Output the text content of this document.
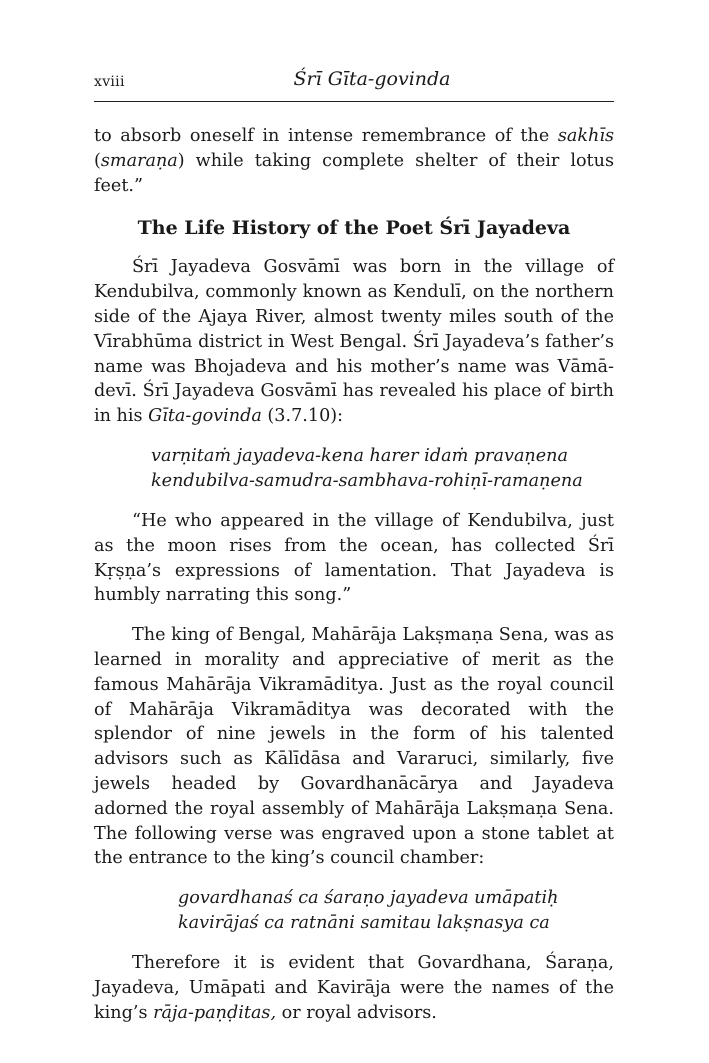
xviii	Śrī Gīta-govinda

to absorb oneself in intense remembrance of the sakhīs (smaraṇa) while taking complete shelter of their lotus feet.”

The Life History of the Poet Śrī Jayadeva

Śrī Jayadeva Gosvāmī was born in the village of Kendubilva, commonly known as Kendulī, on the northern side of the Ajaya River, almost twenty miles south of the Vīrabhūma district in West Bengal. Śrī Jayadeva’s father’s name was Bhojadeva and his mother’s name was Vāmā-devī. Śrī Jayadeva Gosvāmī has revealed his place of birth in his Gīta-govinda (3.7.10):

varṇitaṁ jayadeva-kena harer idaṁ pravaṇena
kendubilva-samudra-sambhava-rohiṇī-ramaṇena

“He who appeared in the village of Kendubilva, just as the moon rises from the ocean, has collected Śrī Kṛṣṇa’s expressions of lamentation. That Jayadeva is humbly narrating this song.”

The king of Bengal, Mahārāja Lakṣmaṇa Sena, was as learned in morality and appreciative of merit as the famous Mahārāja Vikramāditya. Just as the royal council of Mahārāja Vikramāditya was decorated with the splendor of nine jewels in the form of his talented advisors such as Kālīdāsa and Vararuci, similarly, five jewels headed by Govardhanācārya and Jayadeva adorned the royal assembly of Mahārāja Lakṣmaṇa Sena. The following verse was engraved upon a stone tablet at the entrance to the king’s council chamber:

govardhanaś ca śaraṇo jayadeva umāpatiḥ
kavirājaś ca ratnāni samitau lakṣnasya ca

Therefore it is evident that Govardhana, Śaraṇa, Jayadeva, Umāpati and Kavirāja were the names of the king’s rāja-paṇḍitas, or royal advisors.
